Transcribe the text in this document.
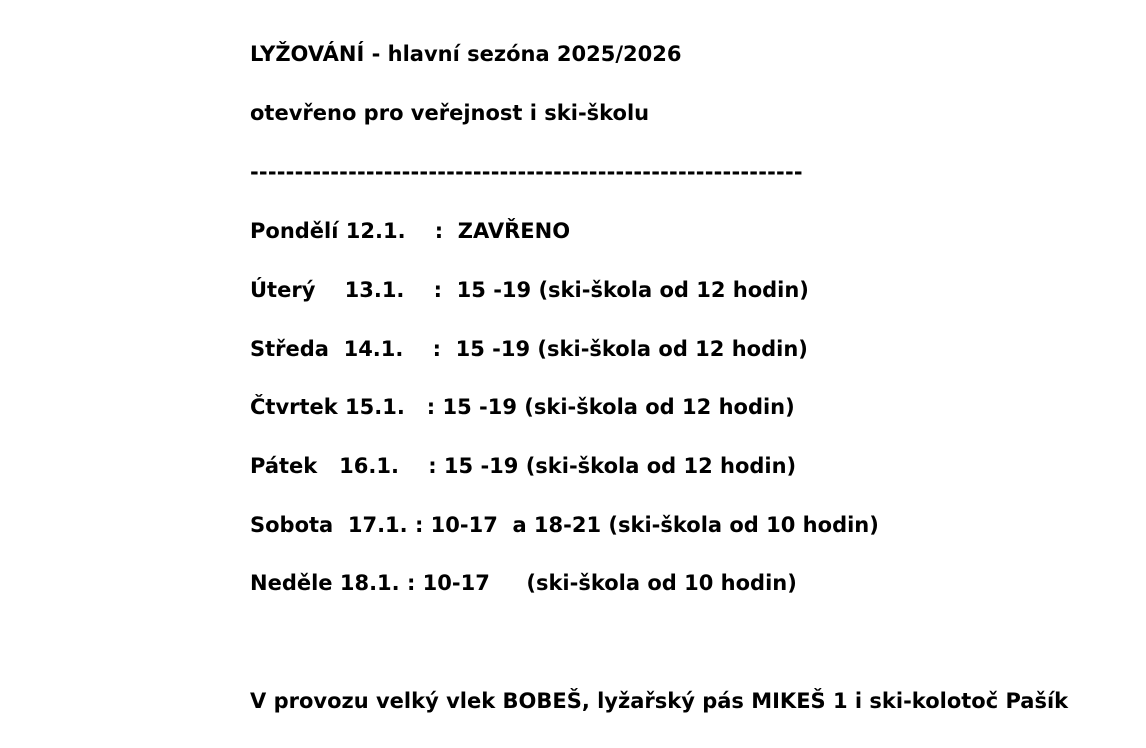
LYŽOVÁNÍ - hlavní sezóna 2025/2026
otevřeno pro veřejnost i ski-školu
--------------------------------------------------------------
Pondělí 12.1.    :  ZAVŘENO
Úterý    13.1.    :  15 -19 (ski-škola od 12 hodin)
Středa  14.1.    :  15 -19 (ski-škola od 12 hodin)
Čtvrtek 15.1.   : 15 -19 (ski-škola od 12 hodin)
Pátek   16.1.    : 15 -19 (ski-škola od 12 hodin)
Sobota  17.1. : 10-17  a 18-21 (ski-škola od 10 hodin)
Neděle 18.1. : 10-17     (ski-škola od 10 hodin)
V provozu velký vlek BOBEŠ, lyžařský pás MIKEŠ 1 i ski-kolotoč Pašík
